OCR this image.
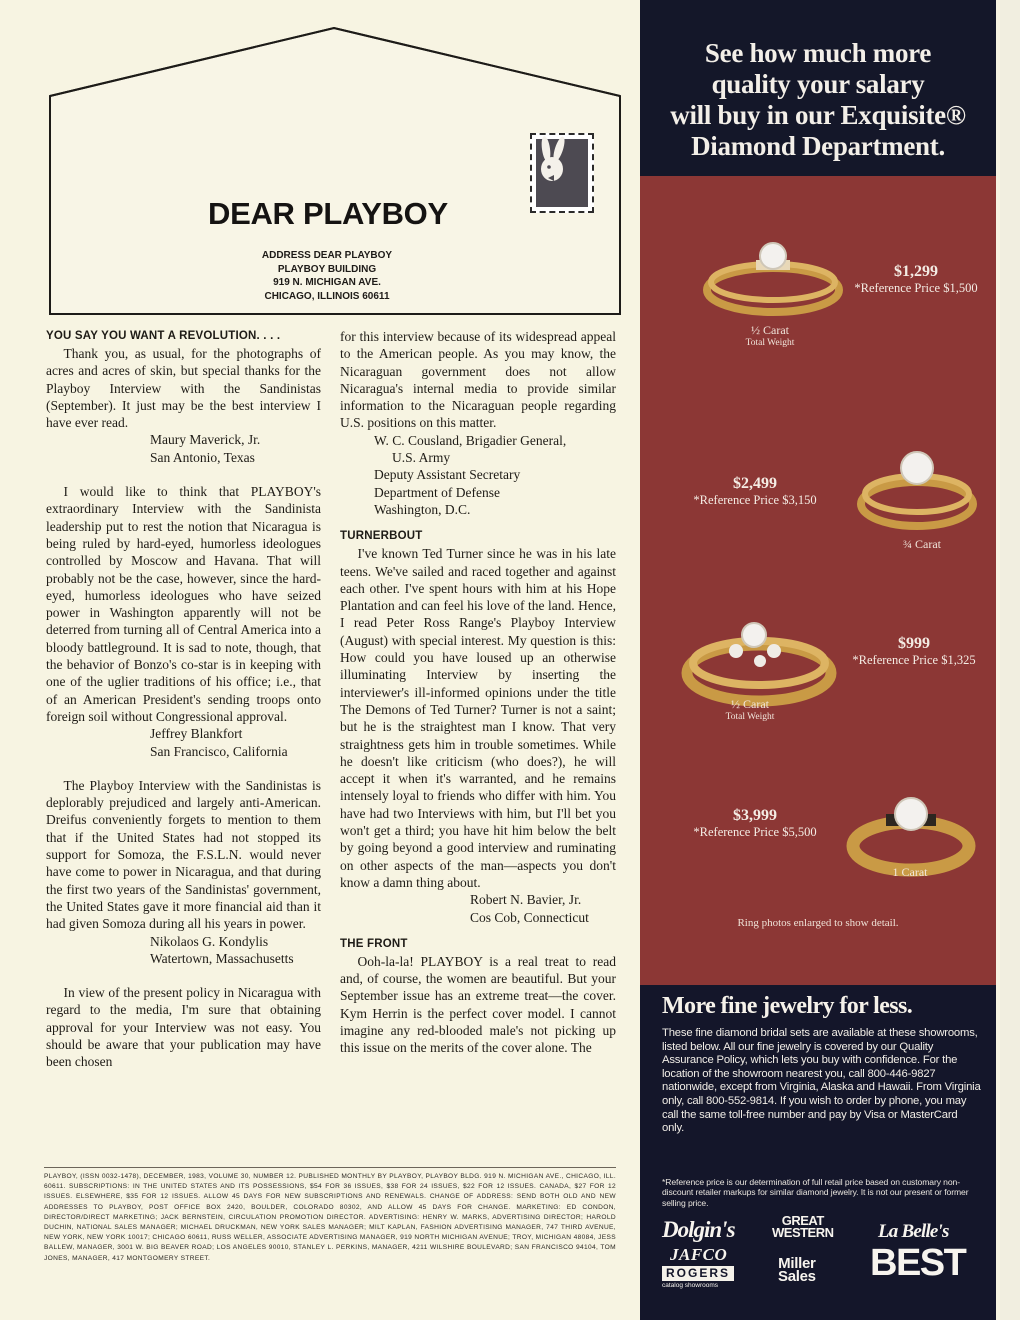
DEAR PLAYBOY
ADDRESS DEAR PLAYBOY
PLAYBOY BUILDING
919 N. MICHIGAN AVE.
CHICAGO, ILLINOIS 60611
YOU SAY YOU WANT A REVOLUTION. . . .

Thank you, as usual, for the photographs of acres and acres of skin, but special thanks for the Playboy Interview with the Sandinistas (September). It just may be the best interview I have ever read.

Maury Maverick, Jr.
San Antonio, Texas

I would like to think that PLAYBOY's extraordinary Interview with the Sandinista leadership put to rest the notion that Nicaragua is being ruled by hard-eyed, humorless ideologues controlled by Moscow and Havana. That will probably not be the case, however, since the hard-eyed, humorless ideologues who have seized power in Washington apparently will not be deterred from turning all of Central America into a bloody battleground. It is sad to note, though, that the behavior of Bonzo's co-star is in keeping with one of the uglier traditions of his office; i.e., that of an American President's sending troops onto foreign soil without Congressional approval.

Jeffrey Blankfort
San Francisco, California

The Playboy Interview with the Sandinistas is deplorably prejudiced and largely anti-American. Dreifus conveniently forgets to mention to them that if the United States had not stopped its support for Somoza, the F.S.L.N. would never have come to power in Nicaragua, and that during the first two years of the Sandinistas' government, the United States gave it more financial aid than it had given Somoza during all his years in power.

Nikolaos G. Kondylis
Watertown, Massachusetts

In view of the present policy in Nicaragua with regard to the media, I'm sure that obtaining approval for your Interview was not easy. You should be aware that your publication may have been chosen

for this interview because of its widespread appeal to the American people. As you may know, the Nicaraguan government does not allow Nicaragua's internal media to provide similar information to the Nicaraguan people regarding U.S. positions on this matter.

W. C. Cousland, Brigadier General,
U.S. Army
Deputy Assistant Secretary
Department of Defense
Washington, D.C.
TURNERBOUT

I've known Ted Turner since he was in his late teens. We've sailed and raced together and against each other. I've spent hours with him at his Hope Plantation and can feel his love of the land. Hence, I read Peter Ross Range's Playboy Interview (August) with special interest. My question is this: How could you have loused up an otherwise illuminating Interview by inserting the interviewer's ill-informed opinions under the title The Demons of Ted Turner? Turner is not a saint; but he is the straightest man I know. That very straightness gets him in trouble sometimes. While he doesn't like criticism (who does?), he will accept it when it's warranted, and he remains intensely loyal to friends who differ with him. You have had two Interviews with him, but I'll bet you won't get a third; you have hit him below the belt by going beyond a good interview and ruminating on other aspects of the man—aspects you don't know a damn thing about.

Robert N. Bavier, Jr.
Cos Cob, Connecticut
THE FRONT

Ooh-la-la! PLAYBOY is a real treat to read and, of course, the women are beautiful. But your September issue has an extreme treat—the cover. Kym Herrin is the perfect cover model. I cannot imagine any red-blooded male's not picking up this issue on the merits of the cover alone. The

PLAYBOY, (ISSN 0032-1478), DECEMBER, 1983, VOLUME 30, NUMBER 12. PUBLISHED MONTHLY BY PLAYBOY, PLAYBOY BLDG. 919 N. MICHIGAN AVE., CHICAGO, ILL. 60611. SUBSCRIPTIONS: IN THE UNITED STATES AND ITS POSSESSIONS, $54 FOR 36 ISSUES, $38 FOR 24 ISSUES, $22 FOR 12 ISSUES. CANADA, $27 FOR 12 ISSUES. ELSEWHERE, $35 FOR 12 ISSUES. ALLOW 45 DAYS FOR NEW SUBSCRIPTIONS AND RENEWALS. CHANGE OF ADDRESS: SEND BOTH OLD AND NEW ADDRESSES TO PLAYBOY, POST OFFICE BOX 2420, BOULDER, COLORADO 80302, AND ALLOW 45 DAYS FOR CHANGE. MARKETING: ED CONDON, DIRECTOR/DIRECT MARKETING; JACK BERNSTEIN, CIRCULATION PROMOTION DIRECTOR. ADVERTISING: HENRY W. MARKS, ADVERTISING DIRECTOR; HAROLD DUCHIN, NATIONAL SALES MANAGER; MICHAEL DRUCKMAN, NEW YORK SALES MANAGER; MILT KAPLAN, FASHION ADVERTISING MANAGER, 747 THIRD AVENUE, NEW YORK, NEW YORK 10017; CHICAGO 60611, RUSS WELLER, ASSOCIATE ADVERTISING MANAGER, 919 NORTH MICHIGAN AVENUE; TROY, MICHIGAN 48084, JESS BALLEW, MANAGER, 3001 W. BIG BEAVER ROAD; LOS ANGELES 90010, STANLEY L. PERKINS, MANAGER, 4211 WILSHIRE BOULEVARD; SAN FRANCISCO 94104, TOM JONES, MANAGER, 417 MONTGOMERY STREET.
See how much more
quality your salary
will buy in our Exquisite®
Diamond Department.
$1,299
*Reference Price $1,500
½ Carat
Total Weight
$2,499
*Reference Price $3,150
¾ Carat
$999
*Reference Price $1,325
½ Carat
Total Weight
$3,999
*Reference Price $5,500
1 Carat
Ring photos enlarged to show detail.
More fine jewelry for less.
These fine diamond bridal sets are available at these showrooms, listed below. All our fine jewelry is covered by our Quality Assurance Policy, which lets you buy with confidence. For the location of the showroom nearest you, call 800-446-9827 nationwide, except from Virginia, Alaska and Hawaii. From Virginia only, call 800-552-9814. If you wish to order by phone, you may call the same toll-free number and pay by Visa or MasterCard only.
*Reference price is our determination of full retail price based on customary non-discount retailer markups for similar diamond jewelry. It is not our present or former selling price.
Dolgin's	GREAT
WESTERN La Belle's
JAFCO
ROGERS
catalog showrooms
Miller
Sales BEST
